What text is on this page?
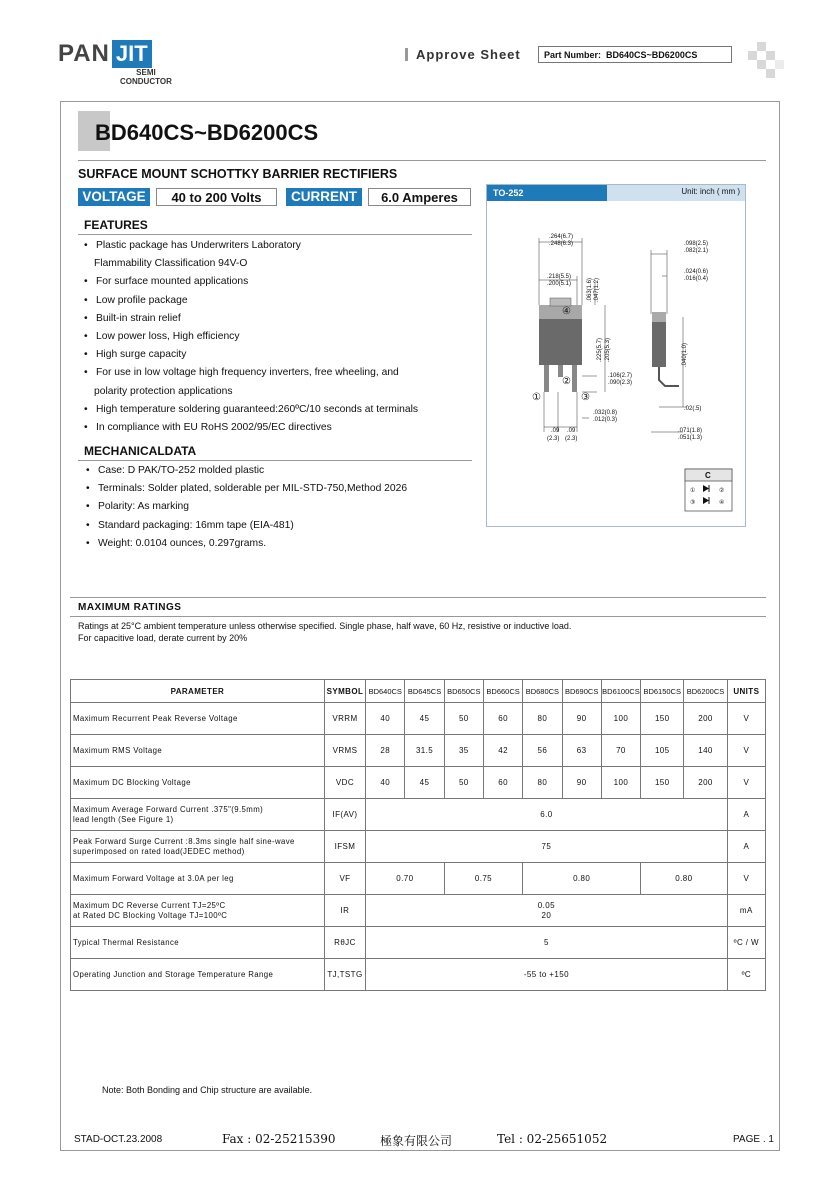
PAN JIT
SEMI
CONDUCTOR
Approve Sheet	Part Number: BD640CS~BD6200CS
BD640CS~BD6200CS
SURFACE MOUNT SCHOTTKY BARRIER RECTIFIERS
VOLTAGE	40 to 200 Volts	CURRENT	6.0 Amperes
FEATURES
• Plastic package has Underwriters Laboratory
Flammability Classification 94V-O
• For surface mounted applications
• Low profile package
• Built-in strain relief
• Low power loss, High efficiency
• High surge capacity
• For use in low voltage high frequency inverters, free wheeling, and
polarity protection applications
• High temperature soldering guaranteed:260ºC/10 seconds at terminals
• In compliance with EU RoHS 2002/95/EC directives
MECHANICALDATA
• Case: D PAK/TO-252 molded plastic
• Terminals: Solder plated, solderable per MIL-STD-750,Method 2026
• Polarity: As marking
• Standard packaging: 16mm tape (EIA-481)
• Weight: 0.0104 ounces, 0.297grams.
TO-252	Unit: inch ( mm )
.264(6.7)
.248(6.3)
.218(5.5)
.200(5.1)	.063(1.6) .047(1.2)
.225(5.7) .205(5.3)
.106(2.7)
.090(2.3)
.032(0.8)
.012(0.3)
.09
(2.3)
.09
(2.3)
.098(2.5)
.082(2.1)
.024(0.6)
.016(0.4)
.040(1.0)
.02(.5)
.071(1.8)
.051(1.3)
①
②
③
④
C
①	②
③	④
MAXIMUM RATINGS
Ratings at 25°C ambient temperature unless otherwise specified. Single phase, half wave, 60 Hz, resistive or inductive load.
For capacitive load, derate current by 20%
PARAMETER	SYMBOL	BD640CS	BD645CS	BD650CS	BD660CS	BD680CS	BD690CS	BD6100CS	BD6150CS	BD6200CS	UNITS
Maximum Recurrent Peak Reverse Voltage	VRRM	40	45	50	60	80	90	100	150	200	V
Maximum RMS Voltage	VRMS	28	31.5	35	42	56	63	70	105	140	V
Maximum DC Blocking Voltage	VDC	40	45	50	60	80	90	100	150	200	V
Maximum Average Forward Current .375"(9.5mm)
lead length (See Figure 1)	IF(AV)	6.0									A
Peak Forward Surge Current :8.3ms single half sine-wave
superimposed on rated load(JEDEC method)	IFSM	75									A
Maximum Forward Voltage at 3.0A per leg	VF	0.70		0.75		0.80			0.80		V
Maximum DC Reverse Current TJ=25ºC
at Rated DC Blocking Voltage TJ=100ºC	IR	0.05
20									mA
Typical Thermal Resistance	RθJC	5									ºC / W
Operating Junction and Storage Temperature Range	TJ,TSTG	-55 to +150									ºC
Note: Both Bonding and Chip structure are available.
STAD-OCT.23.2008	Fax : 02-25215390	極象有限公司	Tel : 02-25651052	PAGE . 1
